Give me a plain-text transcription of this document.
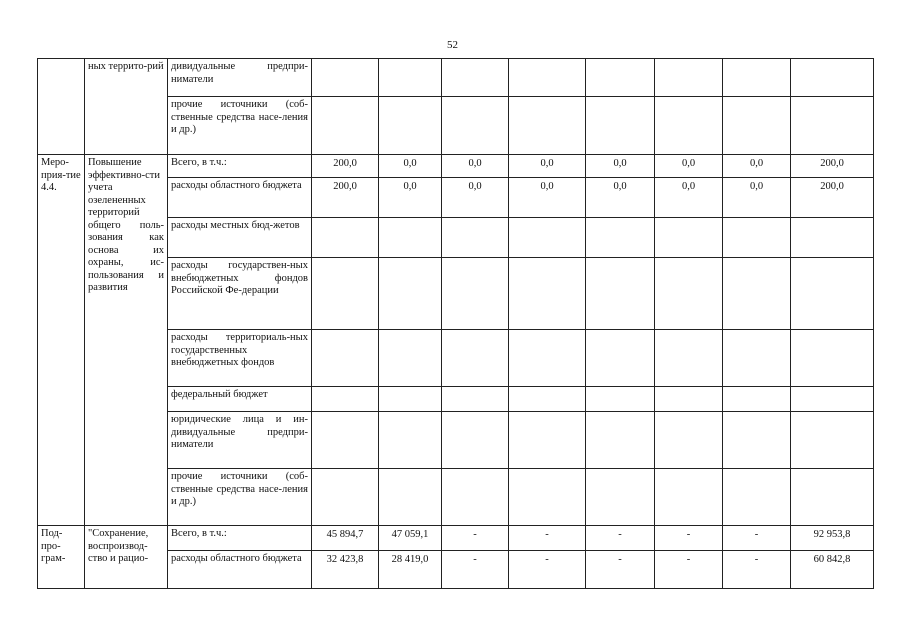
52
	ных террито-рий	дивидуальные предпри-ниматели								
		прочие источники (соб-ственные средства насе-ления и др.)								
Меро-прия-тие 4.4.	Повышение эффективно-сти учета озелененных территорий общего поль-зования как основа их охраны, ис-пользования и развития	Всего, в т.ч.:	200,0	0,0	0,0	0,0	0,0	0,0	0,0	200,0
		расходы областного бюджета	200,0	0,0	0,0	0,0	0,0	0,0	0,0	200,0
		расходы местных бюд-жетов								
		расходы государствен-ных внебюджетных фондов Российской Фе-дерации								
		расходы территориаль-ных государственных внебюджетных фондов								
		федеральный бюджет								
		юридические лица и ин-дивидуальные предпри-ниматели								
		прочие источники (соб-ственные средства насе-ления и др.)								
Под-про-грам-	"Сохранение, воспроизвод-ство и рацио-	Всего, в т.ч.:	45 894,7	47 059,1	-	-	-	-	-	92 953,8
		расходы областного бюджета	32 423,8	28 419,0	-	-	-	-	-	60 842,8
